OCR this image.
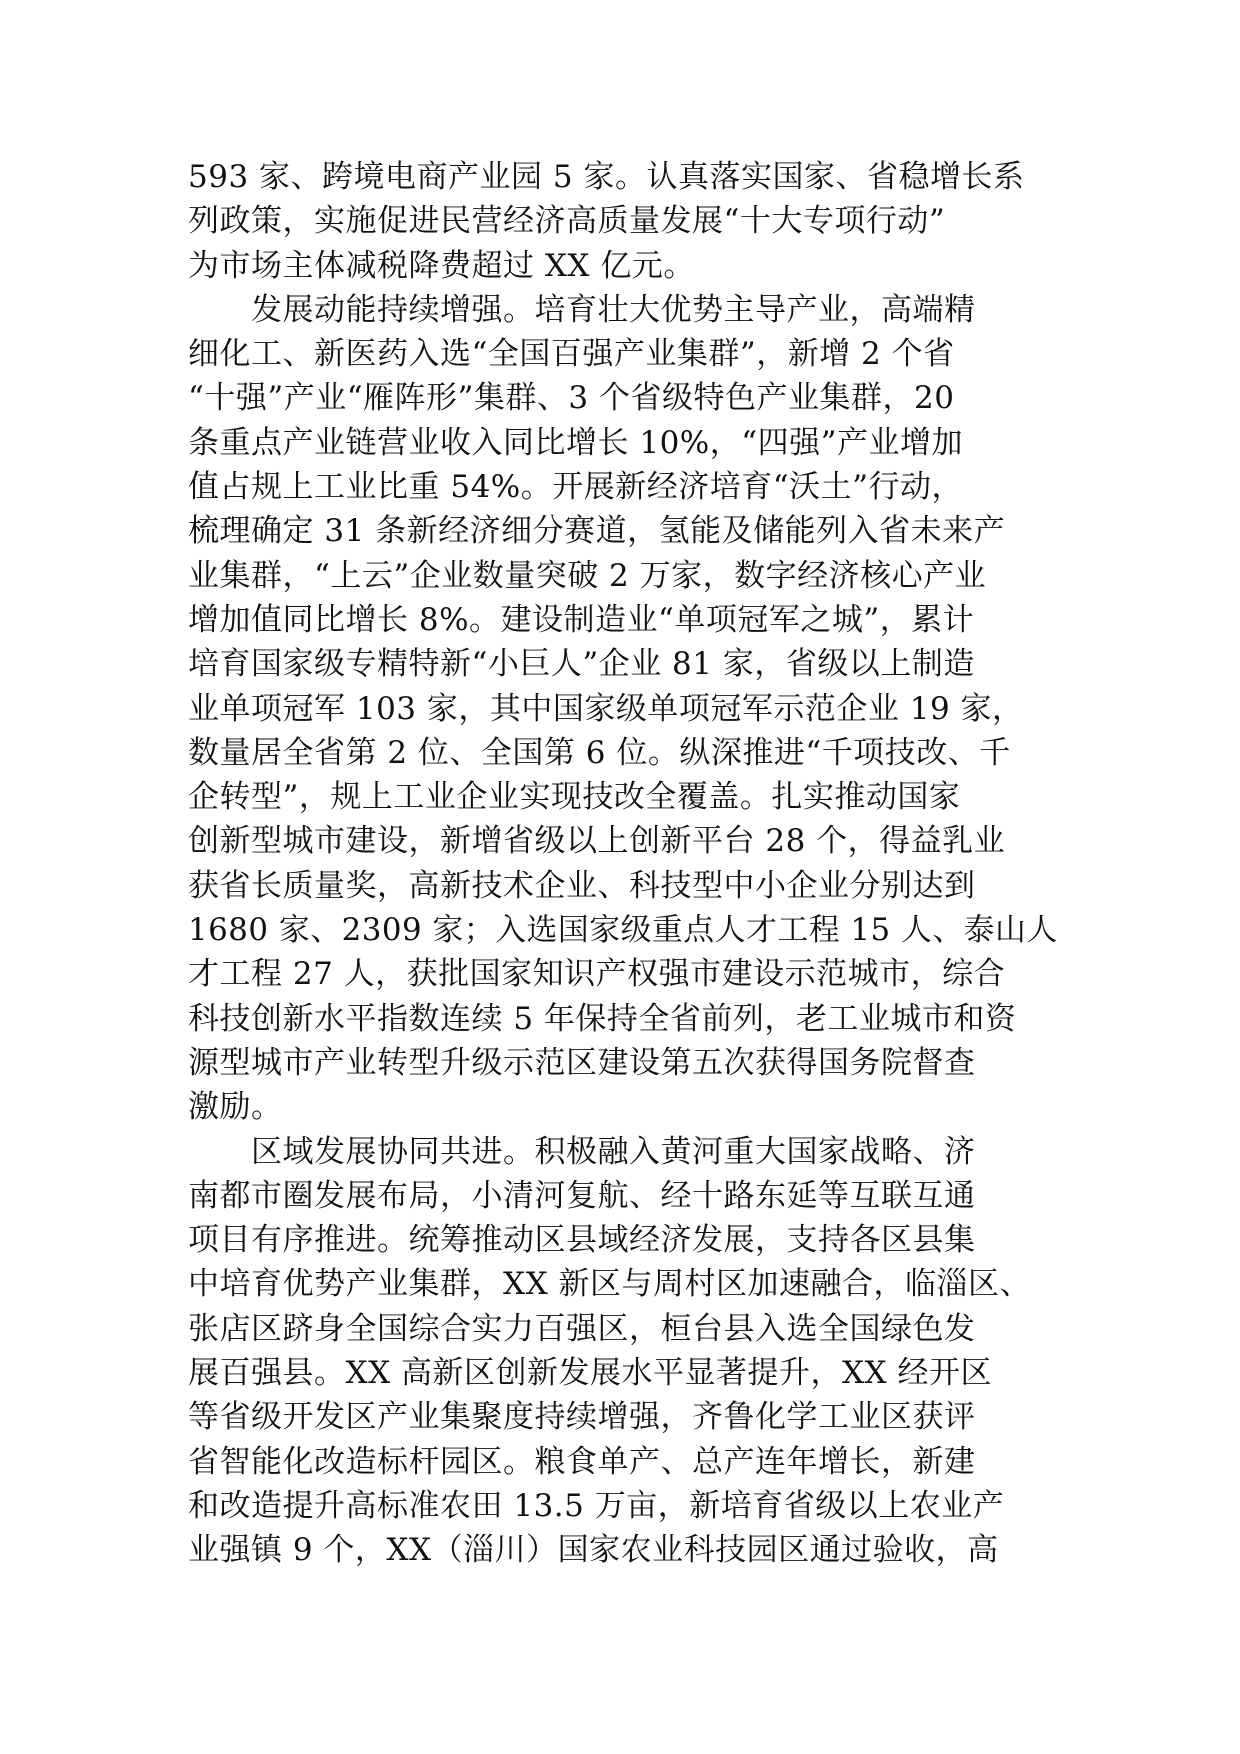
593 家、跨境电商产业园 5 家。认真落实国家、省稳增长系
列政策，实施促进民营经济高质量发展“十大专项行动”
为市场主体减税降费超过 XX 亿元。
发展动能持续增强。培育壮大优势主导产业，高端精
细化工、新医药入选“全国百强产业集群”，新增 2 个省
“十强”产业“雁阵形”集群、3 个省级特色产业集群，20
条重点产业链营业收入同比增长 10%，“四强”产业增加
值占规上工业比重 54%。开展新经济培育“沃土”行动，
梳理确定 31 条新经济细分赛道，氢能及储能列入省未来产
业集群，“上云”企业数量突破 2 万家，数字经济核心产业
增加值同比增长 8%。建设制造业“单项冠军之城”，累计
培育国家级专精特新“小巨人”企业 81 家，省级以上制造
业单项冠军 103 家，其中国家级单项冠军示范企业 19 家，
数量居全省第 2 位、全国第 6 位。纵深推进“千项技改、千
企转型”，规上工业企业实现技改全覆盖。扎实推动国家
创新型城市建设，新增省级以上创新平台 28 个，得益乳业
获省长质量奖，高新技术企业、科技型中小企业分别达到
1680 家、2309 家；入选国家级重点人才工程 15 人、泰山人
才工程 27 人，获批国家知识产权强市建设示范城市，综合
科技创新水平指数连续 5 年保持全省前列，老工业城市和资
源型城市产业转型升级示范区建设第五次获得国务院督查
激励。
区域发展协同共进。积极融入黄河重大国家战略、济
南都市圈发展布局，小清河复航、经十路东延等互联互通
项目有序推进。统筹推动区县域经济发展，支持各区县集
中培育优势产业集群，XX 新区与周村区加速融合，临淄区、
张店区跻身全国综合实力百强区，桓台县入选全国绿色发
展百强县。XX 高新区创新发展水平显著提升，XX 经开区
等省级开发区产业集聚度持续增强，齐鲁化学工业区获评
省智能化改造标杆园区。粮食单产、总产连年增长，新建
和改造提升高标准农田 13.5 万亩，新培育省级以上农业产
业强镇 9 个，XX（淄川）国家农业科技园区通过验收，高
